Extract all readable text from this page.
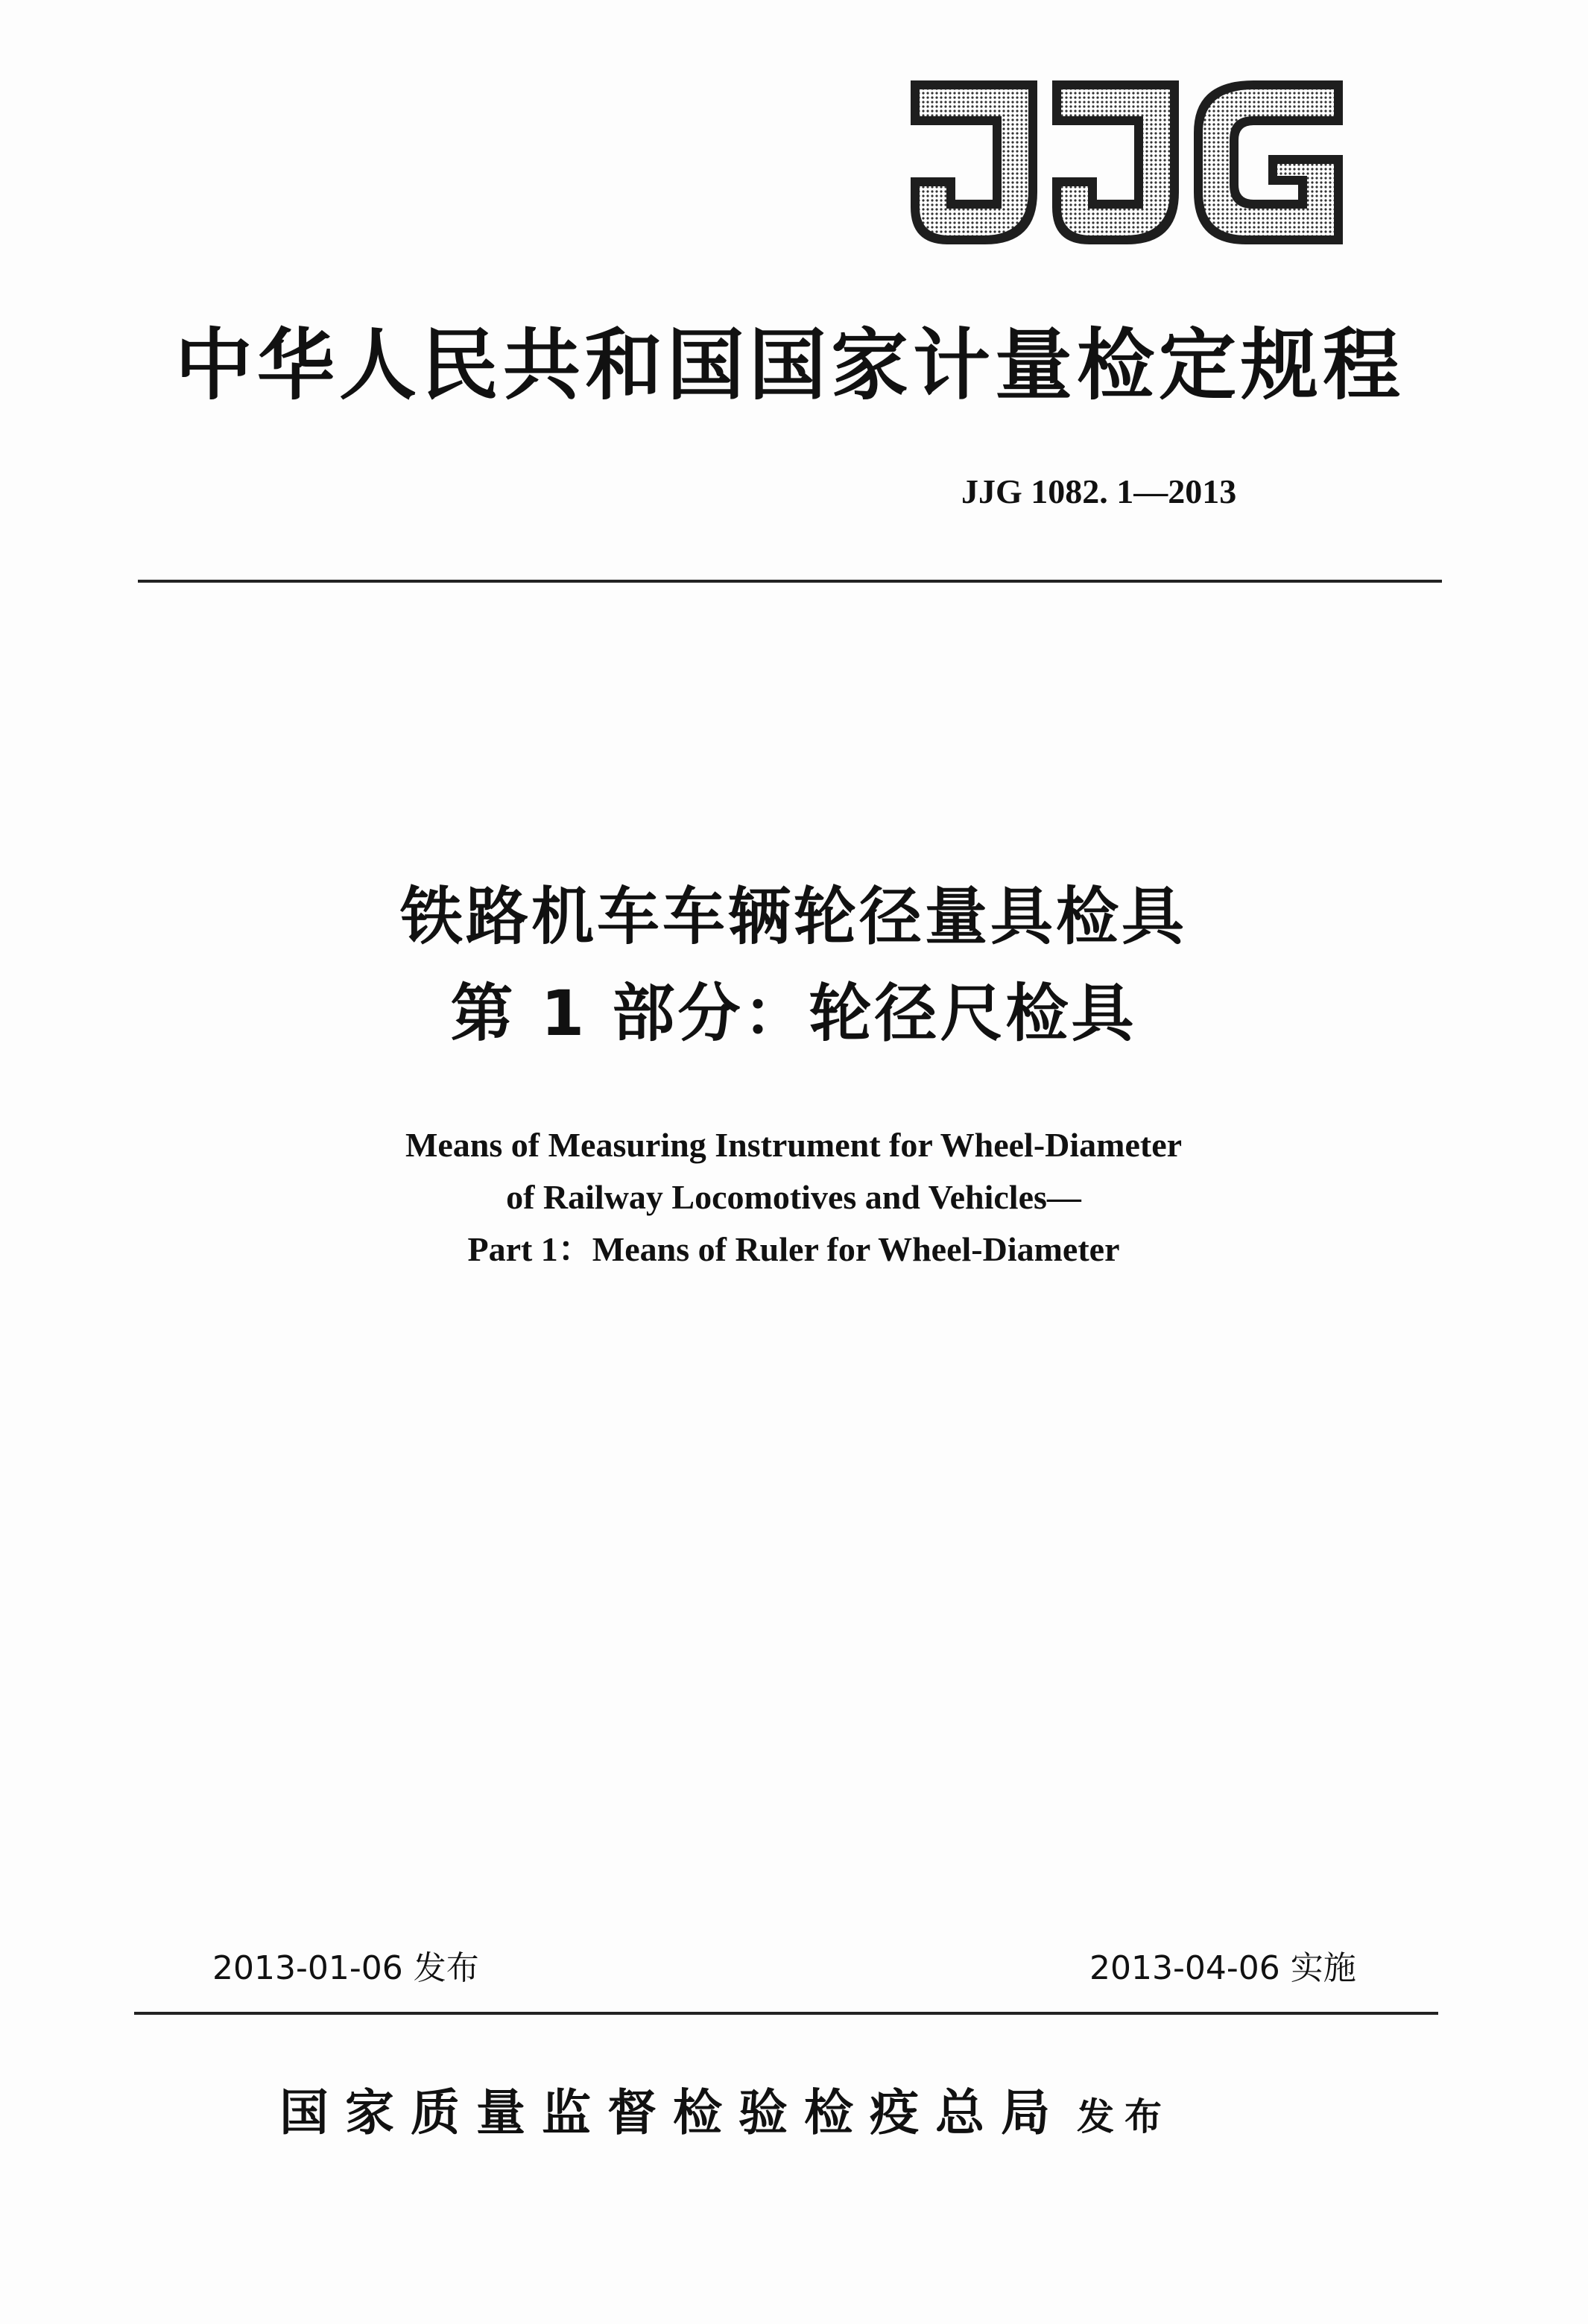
中华人民共和国国家计量检定规程
JJG 1082. 1—2013
铁路机车车辆轮径量具检具
第 1 部分：轮径尺检具
Means of Measuring Instrument for Wheel-Diameter
of Railway Locomotives and Vehicles—
Part 1：Means of Ruler for Wheel-Diameter
2013-01-06 发布	2013-04-06 实施
国家质量监督检验检疫总局 发布
